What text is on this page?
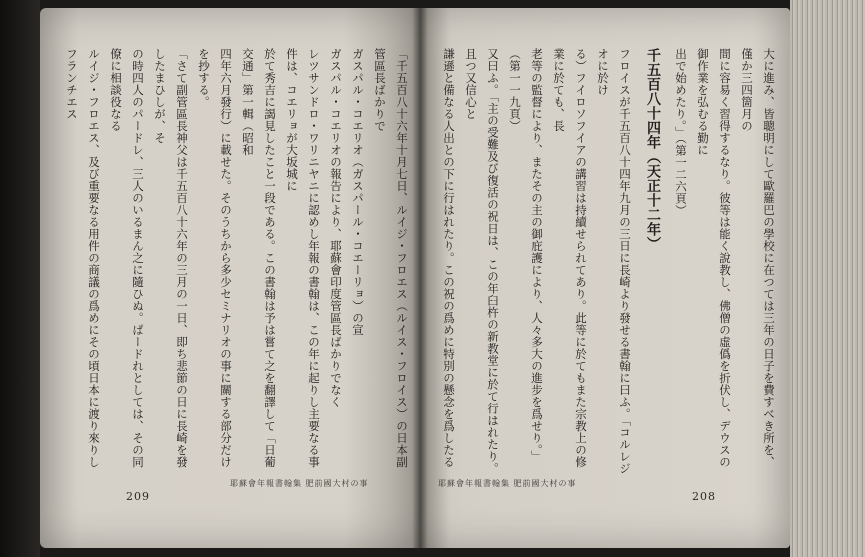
「千五百八十六年十月七日、ルイジ・フロエス（ルイス・フロイス）の日本副管區長ばかりで

ガスパル・コエリオ（ガスパール・コエーリョ）の宣

ガスパル・コエリオの報告により、耶蘇會印度管區長ばかりでなく

レツサンドロ・ワリニヤニに認めし年報の書翰は、この年に起りし主要なる事件は、コエリョが大坂城に

於て秀吉に謁見したこと一段である。この書翰は予は嘗て之を翻譯して「日葡交通」第一輯（昭和

四年六月發行）に載せた。そのうちから多少セミナリオの事に關する部分だけを抄する。

「さて副管區長神父は千五百八十六年の三月の一日、即ち悲節の日に長崎を發したまひしが、そ

の時四人のパードレ、三人のいるまん之に隨ひぬ。ぱードれとしては、その同僚に相談役なる

ルイジ・フロエス、及び重要なる用件の商議の爲めにその頃日本に渡り來りしフランチエス

耶蘇會年報書翰集 肥前國大村の事
209

大に進み、皆聰明にして歐羅巴の學校に在つては三年の日子を費すべき所を、僅か三四箇月の

間に容易く習得するなり。彼等は能く說教し、佛僧の虛僞を折伏し、デウスの御作業を弘むる勤に

出で始めたり。」（第一二六頁）

千五百八十四年（天正十二年）

フロイスが千五百八十四年九月の三日に長崎より發せる書翰に曰ふ。「コルレジオに於け

る）フイロソフイアの講習は持續せられてあり。此等に於てもまた宗教上の修業に於ても、長

老等の監督により、またその主の御庇護により、人々多大の進步を爲せり。」（第一一九頁）

又曰ふ。「主の受難及び復活の祝日は、この年臼杵の新教堂に於て行はれたり。且つ又信心と

謙遜と備なる人出との下に行はれたり。この祝の爲めに特別の懸念を爲したる

耶蘇會年報書翰集 肥前國大村の事
208
